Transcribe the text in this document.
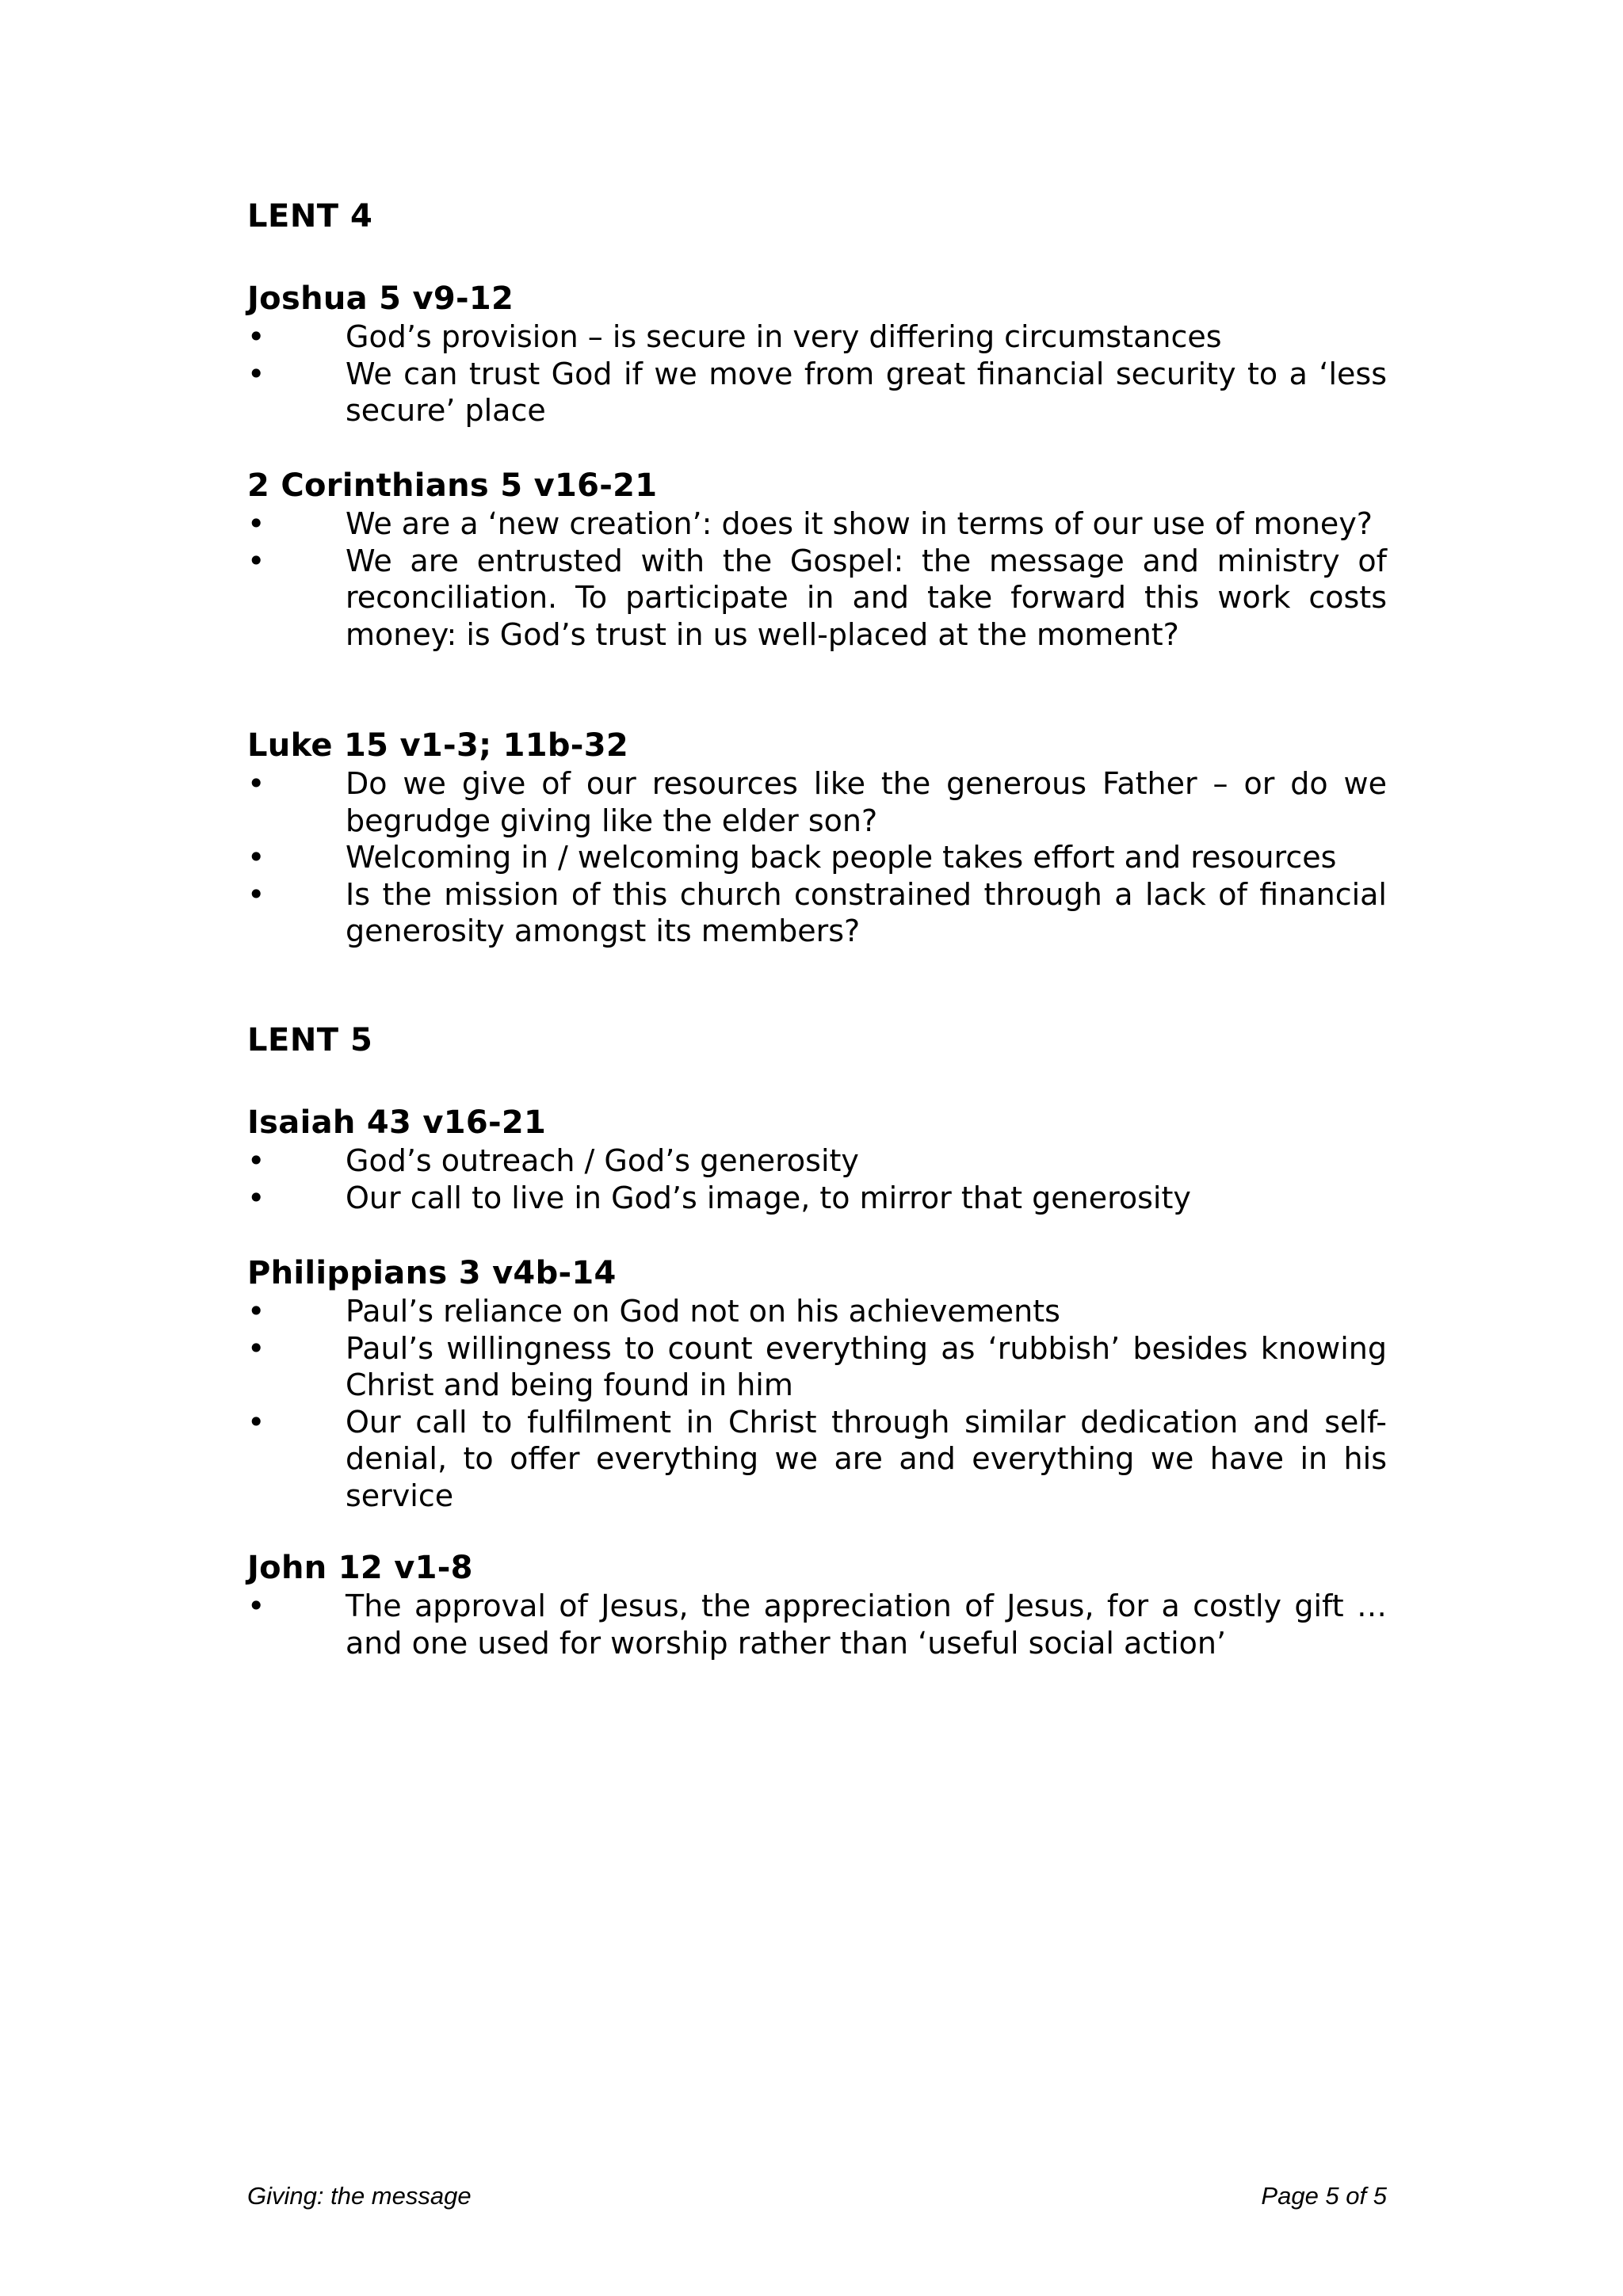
LENT 4
Joshua 5 v9-12
•	God’s provision – is secure in very differing circumstances
•	We can trust God if we move from great financial security to a ‘less secure’ place
2 Corinthians 5 v16-21
•	We are a ‘new creation’: does it show in terms of our use of money?
•	We are entrusted with the Gospel: the message and ministry of reconciliation. To participate in and take forward this work costs money: is God’s trust in us well-placed at the moment?
Luke 15 v1-3; 11b-32
•	Do we give of our resources like the generous Father – or do we begrudge giving like the elder son?
•	Welcoming in / welcoming back people takes effort and resources
•	Is the mission of this church constrained through a lack of financial generosity amongst its members?
LENT 5
Isaiah 43 v16-21
•	God’s outreach / God’s generosity
•	Our call to live in God’s image, to mirror that generosity
Philippians 3 v4b-14
•	Paul’s reliance on God not on his achievements
•	Paul’s willingness to count everything as ‘rubbish’ besides knowing Christ and being found in him
•	Our call to fulfilment in Christ through similar dedication and self-denial, to offer everything we are and everything we have in his service
John 12 v1-8
•	The approval of Jesus, the appreciation of Jesus, for a costly gift … and one used for worship rather than ‘useful social action’
Giving: the message	Page 5 of 5
